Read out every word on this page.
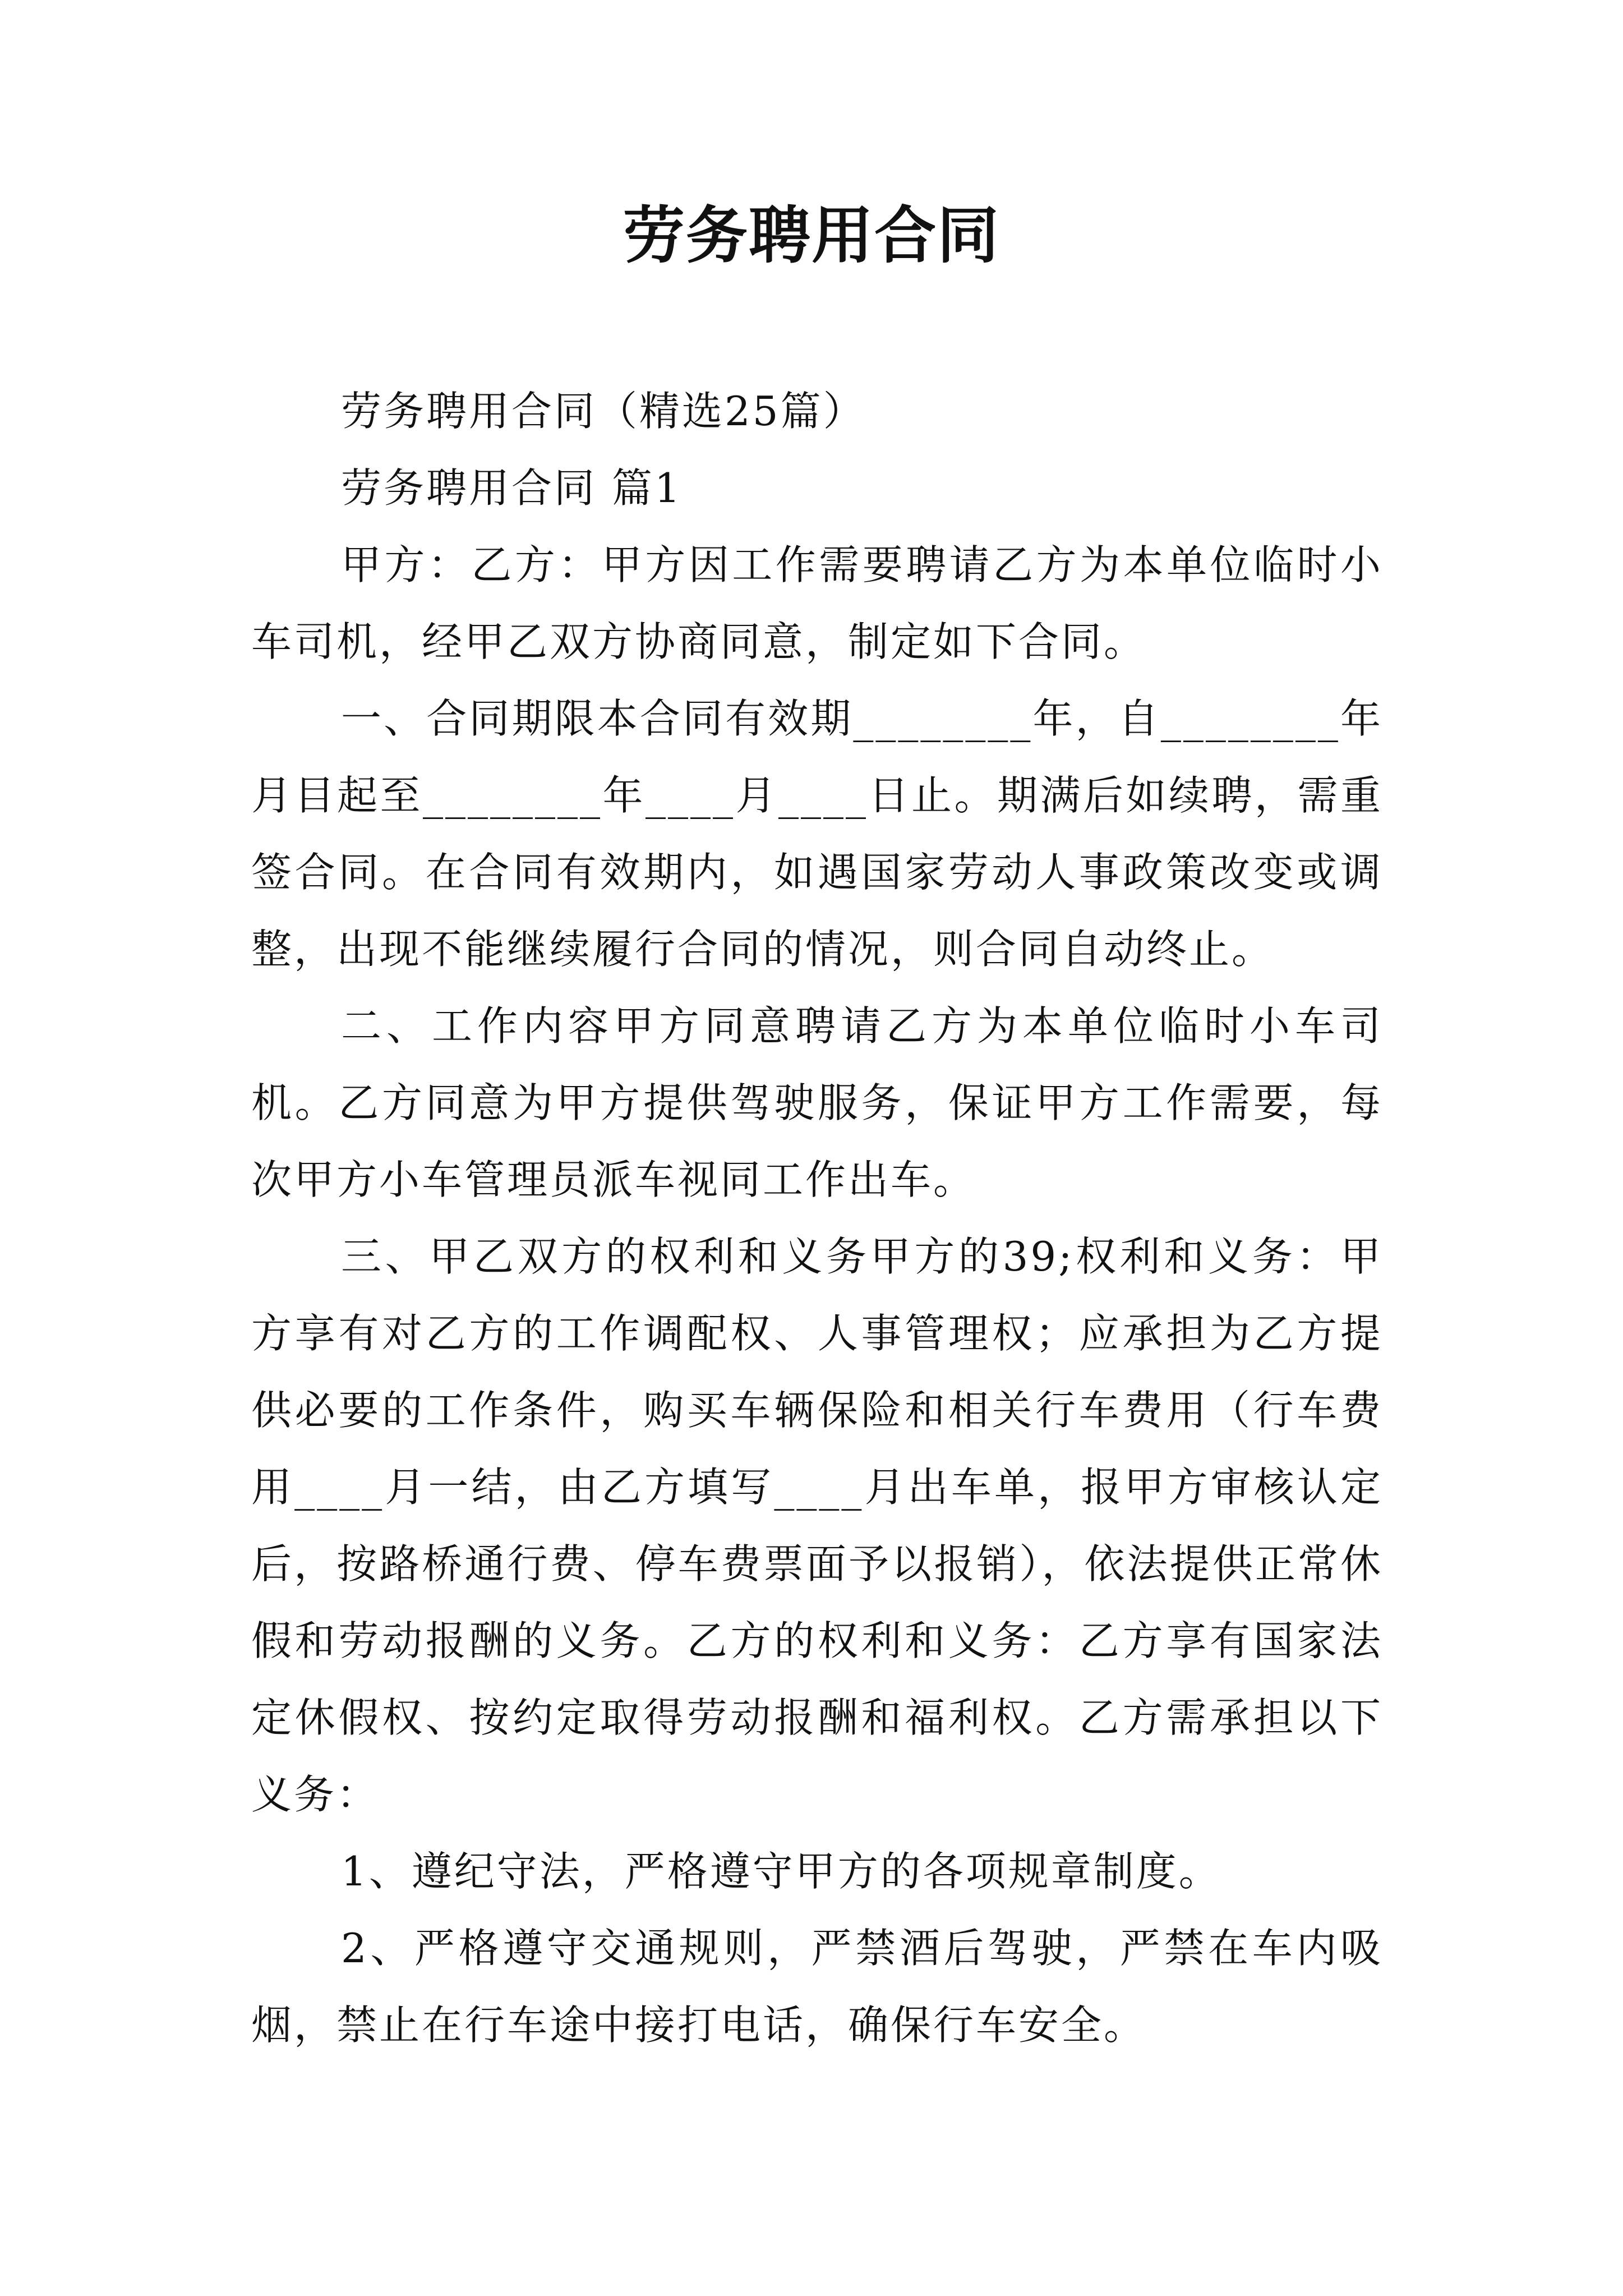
劳务聘用合同

劳务聘用合同（精选25篇）

劳务聘用合同 篇1

甲方：乙方：甲方因工作需要聘请乙方为本单位临时小车司机，经甲乙双方协商同意，制定如下合同。

一、合同期限本合同有效期________年，自________年月目起至________年____月____日止。期满后如续聘，需重签合同。在合同有效期内，如遇国家劳动人事政策改变或调整，出现不能继续履行合同的情况，则合同自动终止。

二、工作内容甲方同意聘请乙方为本单位临时小车司机。乙方同意为甲方提供驾驶服务，保证甲方工作需要，每次甲方小车管理员派车视同工作出车。

三、甲乙双方的权利和义务甲方的39;权利和义务：甲方享有对乙方的工作调配权、人事管理权；应承担为乙方提供必要的工作条件，购买车辆保险和相关行车费用（行车费用____月一结，由乙方填写____月出车单，报甲方审核认定后，按路桥通行费、停车费票面予以报销），依法提供正常休假和劳动报酬的义务。乙方的权利和义务：乙方享有国家法定休假权、按约定取得劳动报酬和福利权。乙方需承担以下义务：

1、遵纪守法，严格遵守甲方的各项规章制度。

2、严格遵守交通规则，严禁酒后驾驶，严禁在车内吸烟，禁止在行车途中接打电话，确保行车安全。
